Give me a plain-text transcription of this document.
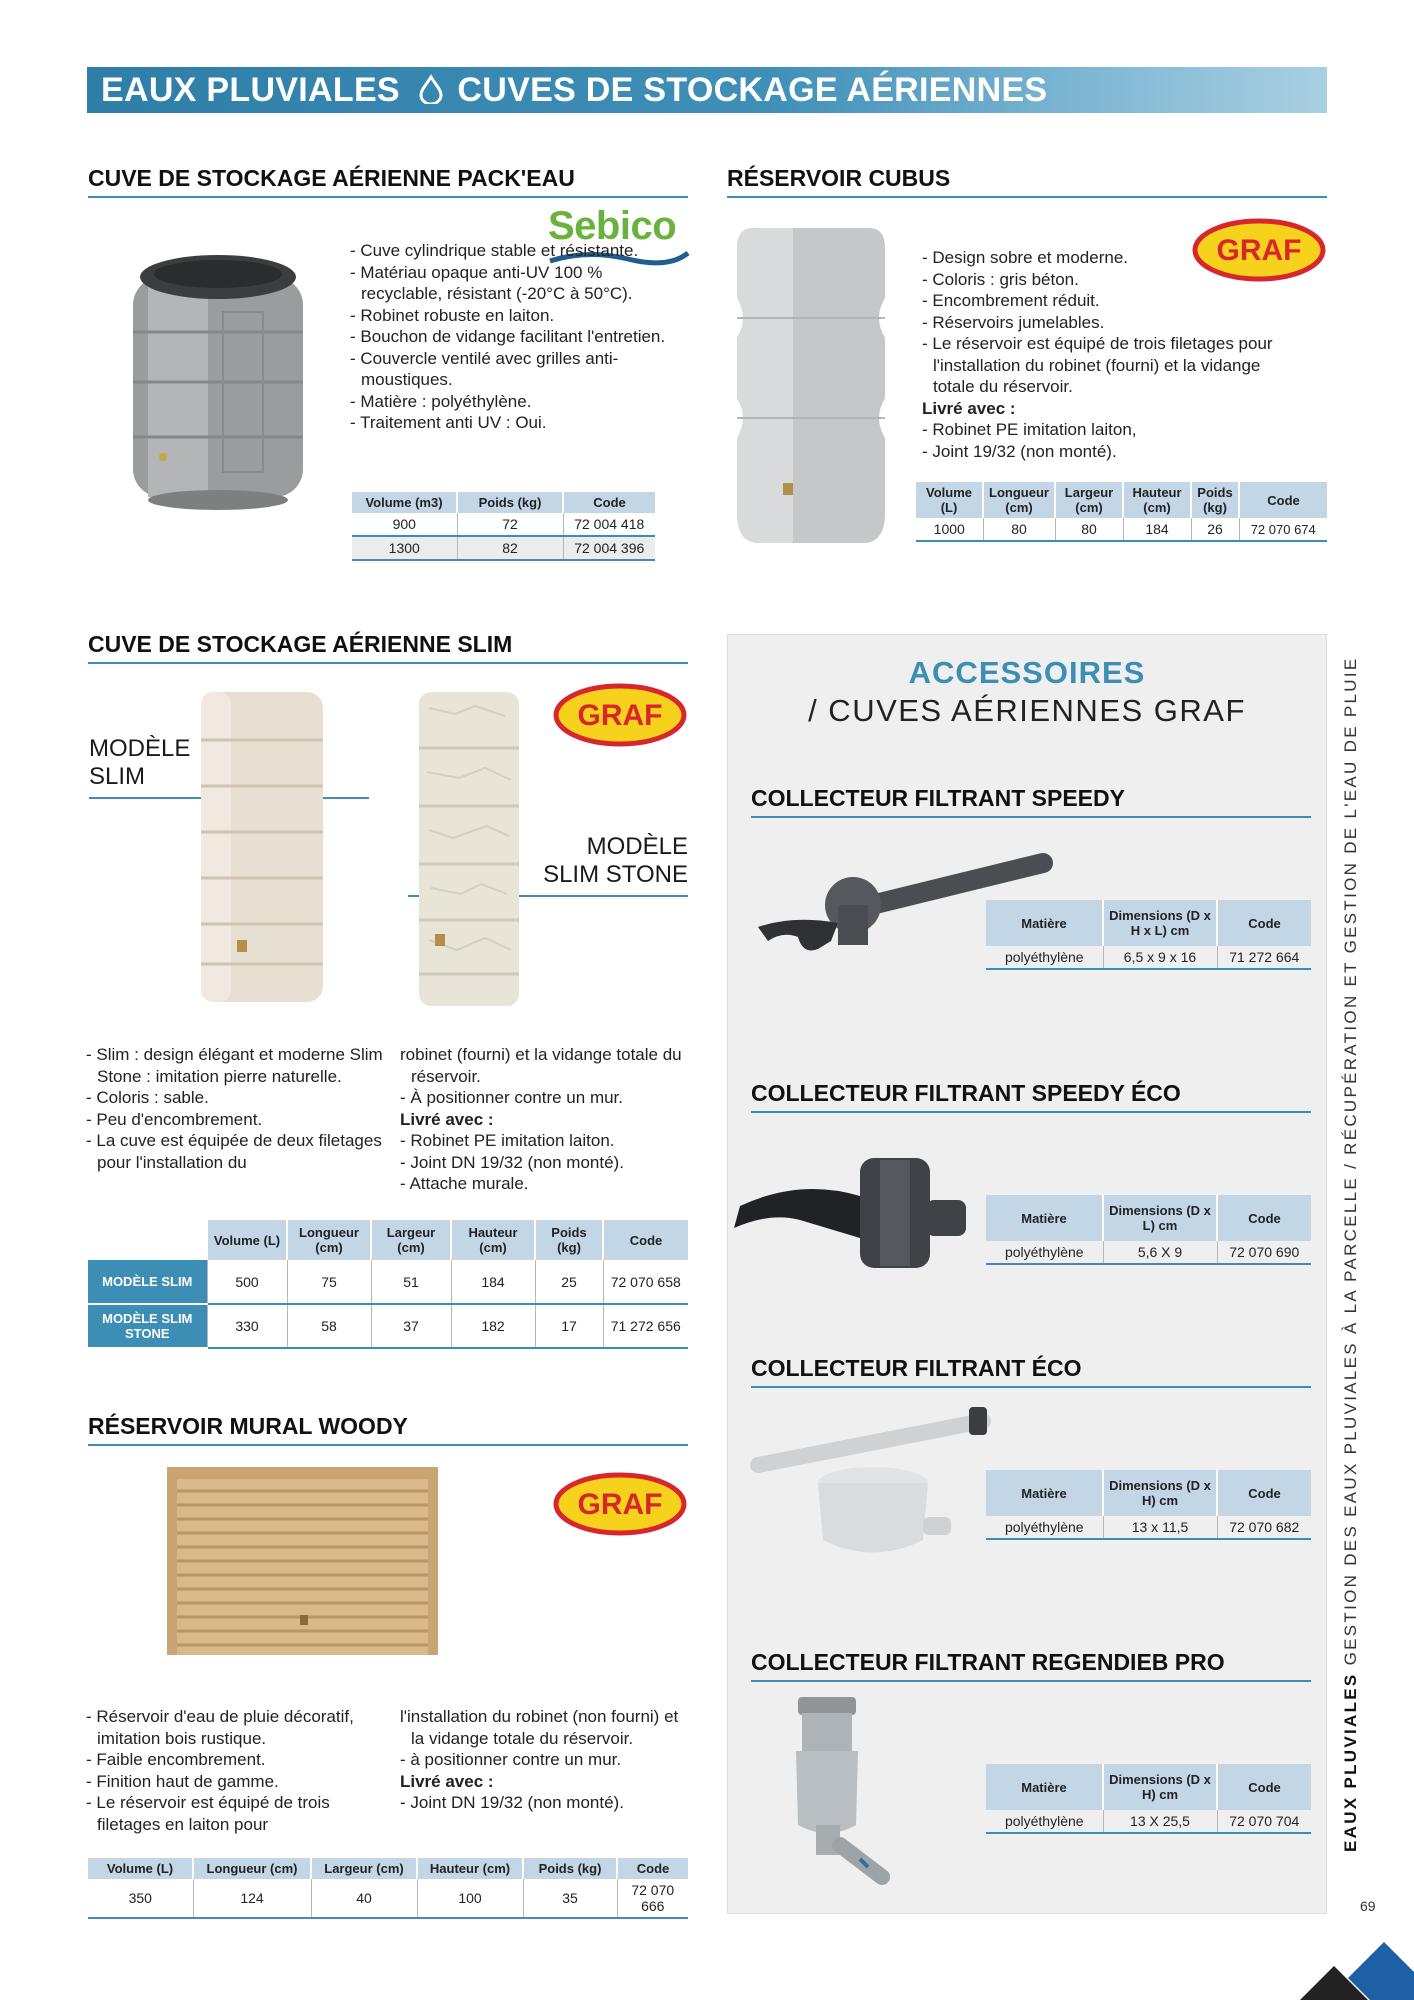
EAUX PLUVIALES CUVES DE STOCKAGE AÉRIENNES
CUVE DE STOCKAGE AÉRIENNE PACK'EAU
Sebico
- Cuve cylindrique stable et résistante.
- Matériau opaque anti-UV 100 % recyclable, résistant (-20°C à 50°C).
- Robinet robuste en laiton.
- Bouchon de vidange facilitant l'entretien.
- Couvercle ventilé avec grilles anti-moustiques.
- Matière : polyéthylène.
- Traitement anti UV : Oui.
Volume (m3)	Poids (kg)	Code
900	72	72 004 418
1300	82	72 004 396
RÉSERVOIR CUBUS
GRAF
- Design sobre et moderne.
- Coloris : gris béton.
- Encombrement réduit.
- Réservoirs jumelables.
- Le réservoir est équipé de trois filetages pour l'installation du robinet (fourni) et la vidange totale du réservoir.
Livré avec :
- Robinet PE imitation laiton,
- Joint 19/32 (non monté).
Volume (L)	Longueur (cm)	Largeur (cm)	Hauteur (cm)	Poids (kg)	Code
1000	80	80	184	26	72 070 674
CUVE DE STOCKAGE AÉRIENNE SLIM
MODÈLE SLIM
MODÈLE SLIM STONE
GRAF
- Slim : design élégant et moderne Slim Stone : imitation pierre naturelle.
- Coloris : sable.
- Peu d'encombrement.
- La cuve est équipée de deux filetages pour l'installation du
robinet (fourni) et la vidange totale du réservoir.
- À positionner contre un mur.
Livré avec :
- Robinet PE imitation laiton.
- Joint DN 19/32 (non monté).
- Attache murale.
	Volume (L)	Longueur (cm)	Largeur (cm)	Hauteur (cm)	Poids (kg)	Code
MODÈLE SLIM	500	75	51	184	25	72 070 658
MODÈLE SLIM STONE	330	58	37	182	17	71 272 656
RÉSERVOIR MURAL WOODY
GRAF
- Réservoir d'eau de pluie décoratif, imitation bois rustique.
- Faible encombrement.
- Finition haut de gamme.
- Le réservoir est équipé de trois filetages en laiton pour
l'installation du robinet (non fourni) et la vidange totale du réservoir.
- à positionner contre un mur.
Livré avec :
- Joint DN 19/32 (non monté).
Volume (L)	Longueur (cm)	Largeur (cm)	Hauteur (cm)	Poids (kg)	Code
350	124	40	100	35	72 070 666
ACCESSOIRES
/ CUVES AÉRIENNES GRAF
COLLECTEUR FILTRANT SPEEDY
Matière	Dimensions (D x H x L) cm	Code
polyéthylène	6,5 x 9 x 16	71 272 664
COLLECTEUR FILTRANT SPEEDY ÉCO
Matière	Dimensions (D x L) cm	Code
polyéthylène	5,6 X 9	72 070 690
COLLECTEUR FILTRANT ÉCO
Matière	Dimensions (D x H) cm	Code
polyéthylène	13 x 11,5	72 070 682
COLLECTEUR FILTRANT REGENDIEB PRO
Matière	Dimensions (D x H) cm	Code
polyéthylène	13 X 25,5	72 070 704 EAUX PLUVIALES GESTION DES EAUX PLUVIALES À LA PARCELLE / RÉCUPÉRATION ET GESTION DE L'EAU DE PLUIE
69
